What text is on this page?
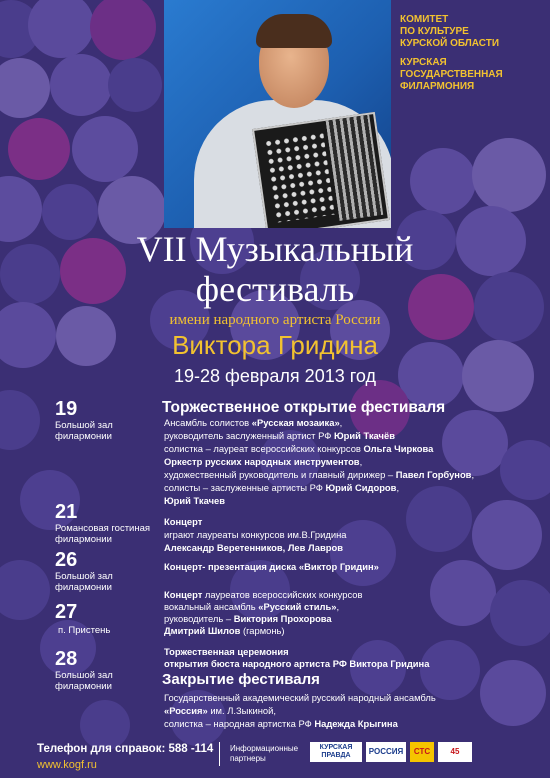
КОМИТЕТ
ПО КУЛЬТУРЕ
КУРСКОЙ ОБЛАСТИ
КУРСКАЯ
ГОСУДАРСТВЕННАЯ
ФИЛАРМОНИЯ
VII Музыкальный
фестиваль
имени народного артиста России
Виктора Гридина
19-28 февраля 2013 год
19
Большой зал
филармонии
Торжественное открытие фестиваля
Ансамбль солистов «Русская мозаика»,
руководитель заслуженный артист РФ Юрий Ткачёв
солистка – лауреат всероссийских конкурсов Ольга Чиркова
Оркестр русских народных инструментов,
художественный руководитель и главный дирижер – Павел Горбунов,
солисты – заслуженные артисты РФ Юрий Сидоров,
Юрий Ткачев
21
Романсовая гостиная
филармонии
Концерт
играют лауреаты конкурсов им.В.Гридина
Александр Веретенников, Лев Лавров
26
Большой зал
филармонии
Концерт- презентация диска «Виктор Гридин»
27
п. Пристень
Концерт лауреатов всероссийских конкурсов
вокальный ансамбль «Русский стиль»,
руководитель – Виктория Прохорова
Дмитрий Шилов (гармонь)
28
Большой зал
филармонии
Торжественная церемония
открытия бюста народного артиста РФ Виктора Гридина
Закрытие фестиваля
Государственный академический русский народный ансамбль
«Россия» им. Л.Зыкиной,
солистка – народная артистка РФ Надежда Крыгина
Телефон для справок: 588 -114
www.kogf.ru
Информационные
партнеры
КУРСКАЯ ПРАВДА	РОССИЯ СТС	45
